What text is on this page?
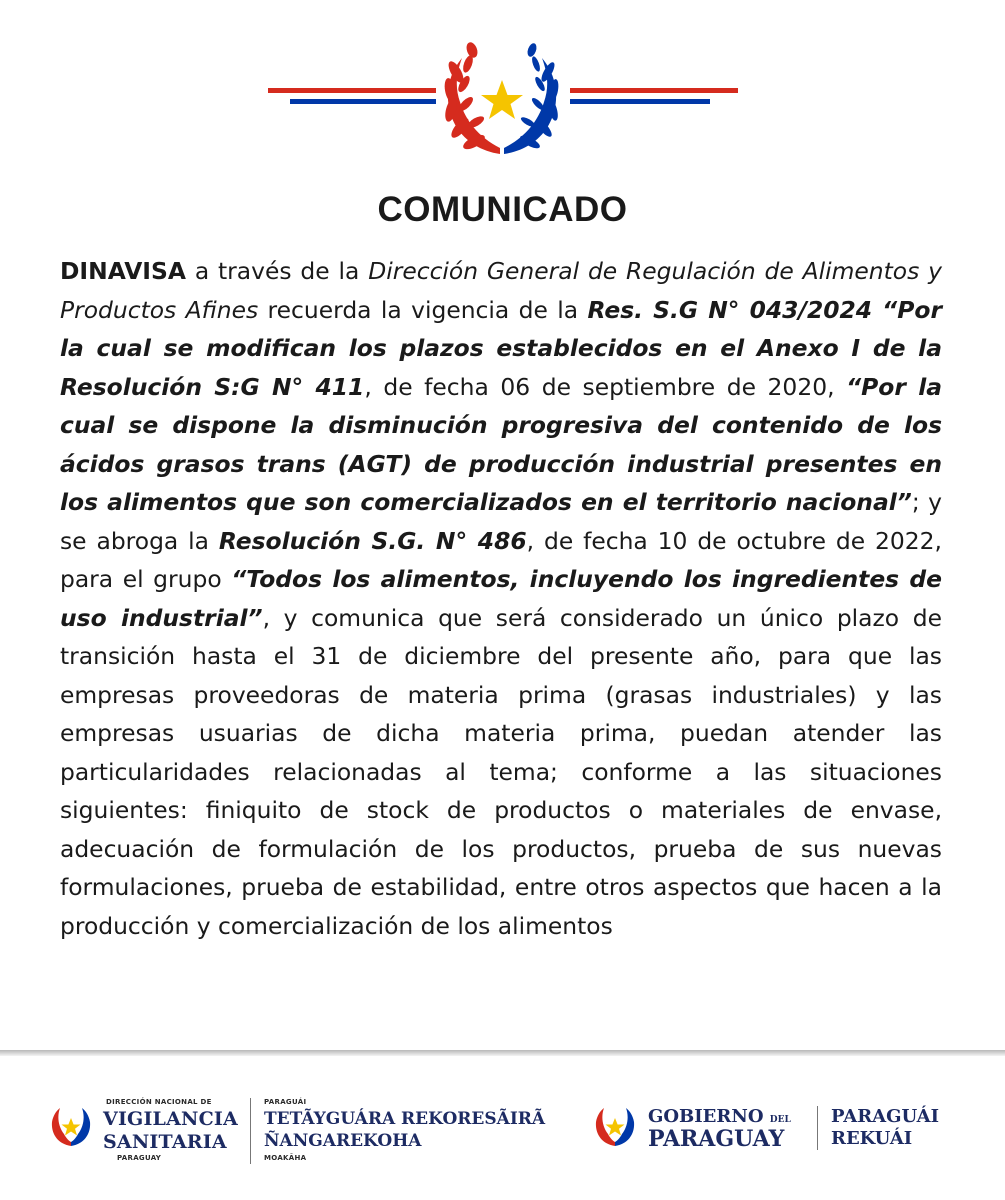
COMUNICADO
DINAVISA a través de la Dirección General de Regulación de Alimentos y Productos Afines recuerda la vigencia de la Res. S.G N° 043/2024 “Por la cual se modifican los plazos establecidos en el Anexo I de la Resolución S:G N° 411, de fecha 06 de septiembre de 2020, “Por la cual se dispone la disminución progresiva del contenido de los ácidos grasos trans (AGT) de producción industrial presentes en los alimentos que son comercializados en el territorio nacional”; y se abroga la Resolución S.G. N° 486, de fecha 10 de octubre de 2022, para el grupo “Todos los alimentos, incluyendo los ingredientes de uso industrial”, y comunica que será considerado un único plazo de transición hasta el 31 de diciembre del presente año, para que las empresas proveedoras de materia prima (grasas industriales) y las empresas usuarias de dicha materia prima, puedan atender las particularidades relacionadas al tema; conforme a las situaciones siguientes: finiquito de stock de productos o materiales de envase, adecuación de formulación de los productos, prueba de sus nuevas formulaciones, prueba de estabilidad, entre otros aspectos que hacen a la producción y comercialización de los alimentos
DIRECCIÓN NACIONAL DE
VIGILANCIA
SANITARIA
PARAGUAY
PARAGUÁI
TETÃYGUÁRA REKORESÃIRÃ
ÑANGAREKOHA
MOAKÃHA
GOBIERNO DEL
PARAGUAY
PARAGUÁI
REKUÁI
